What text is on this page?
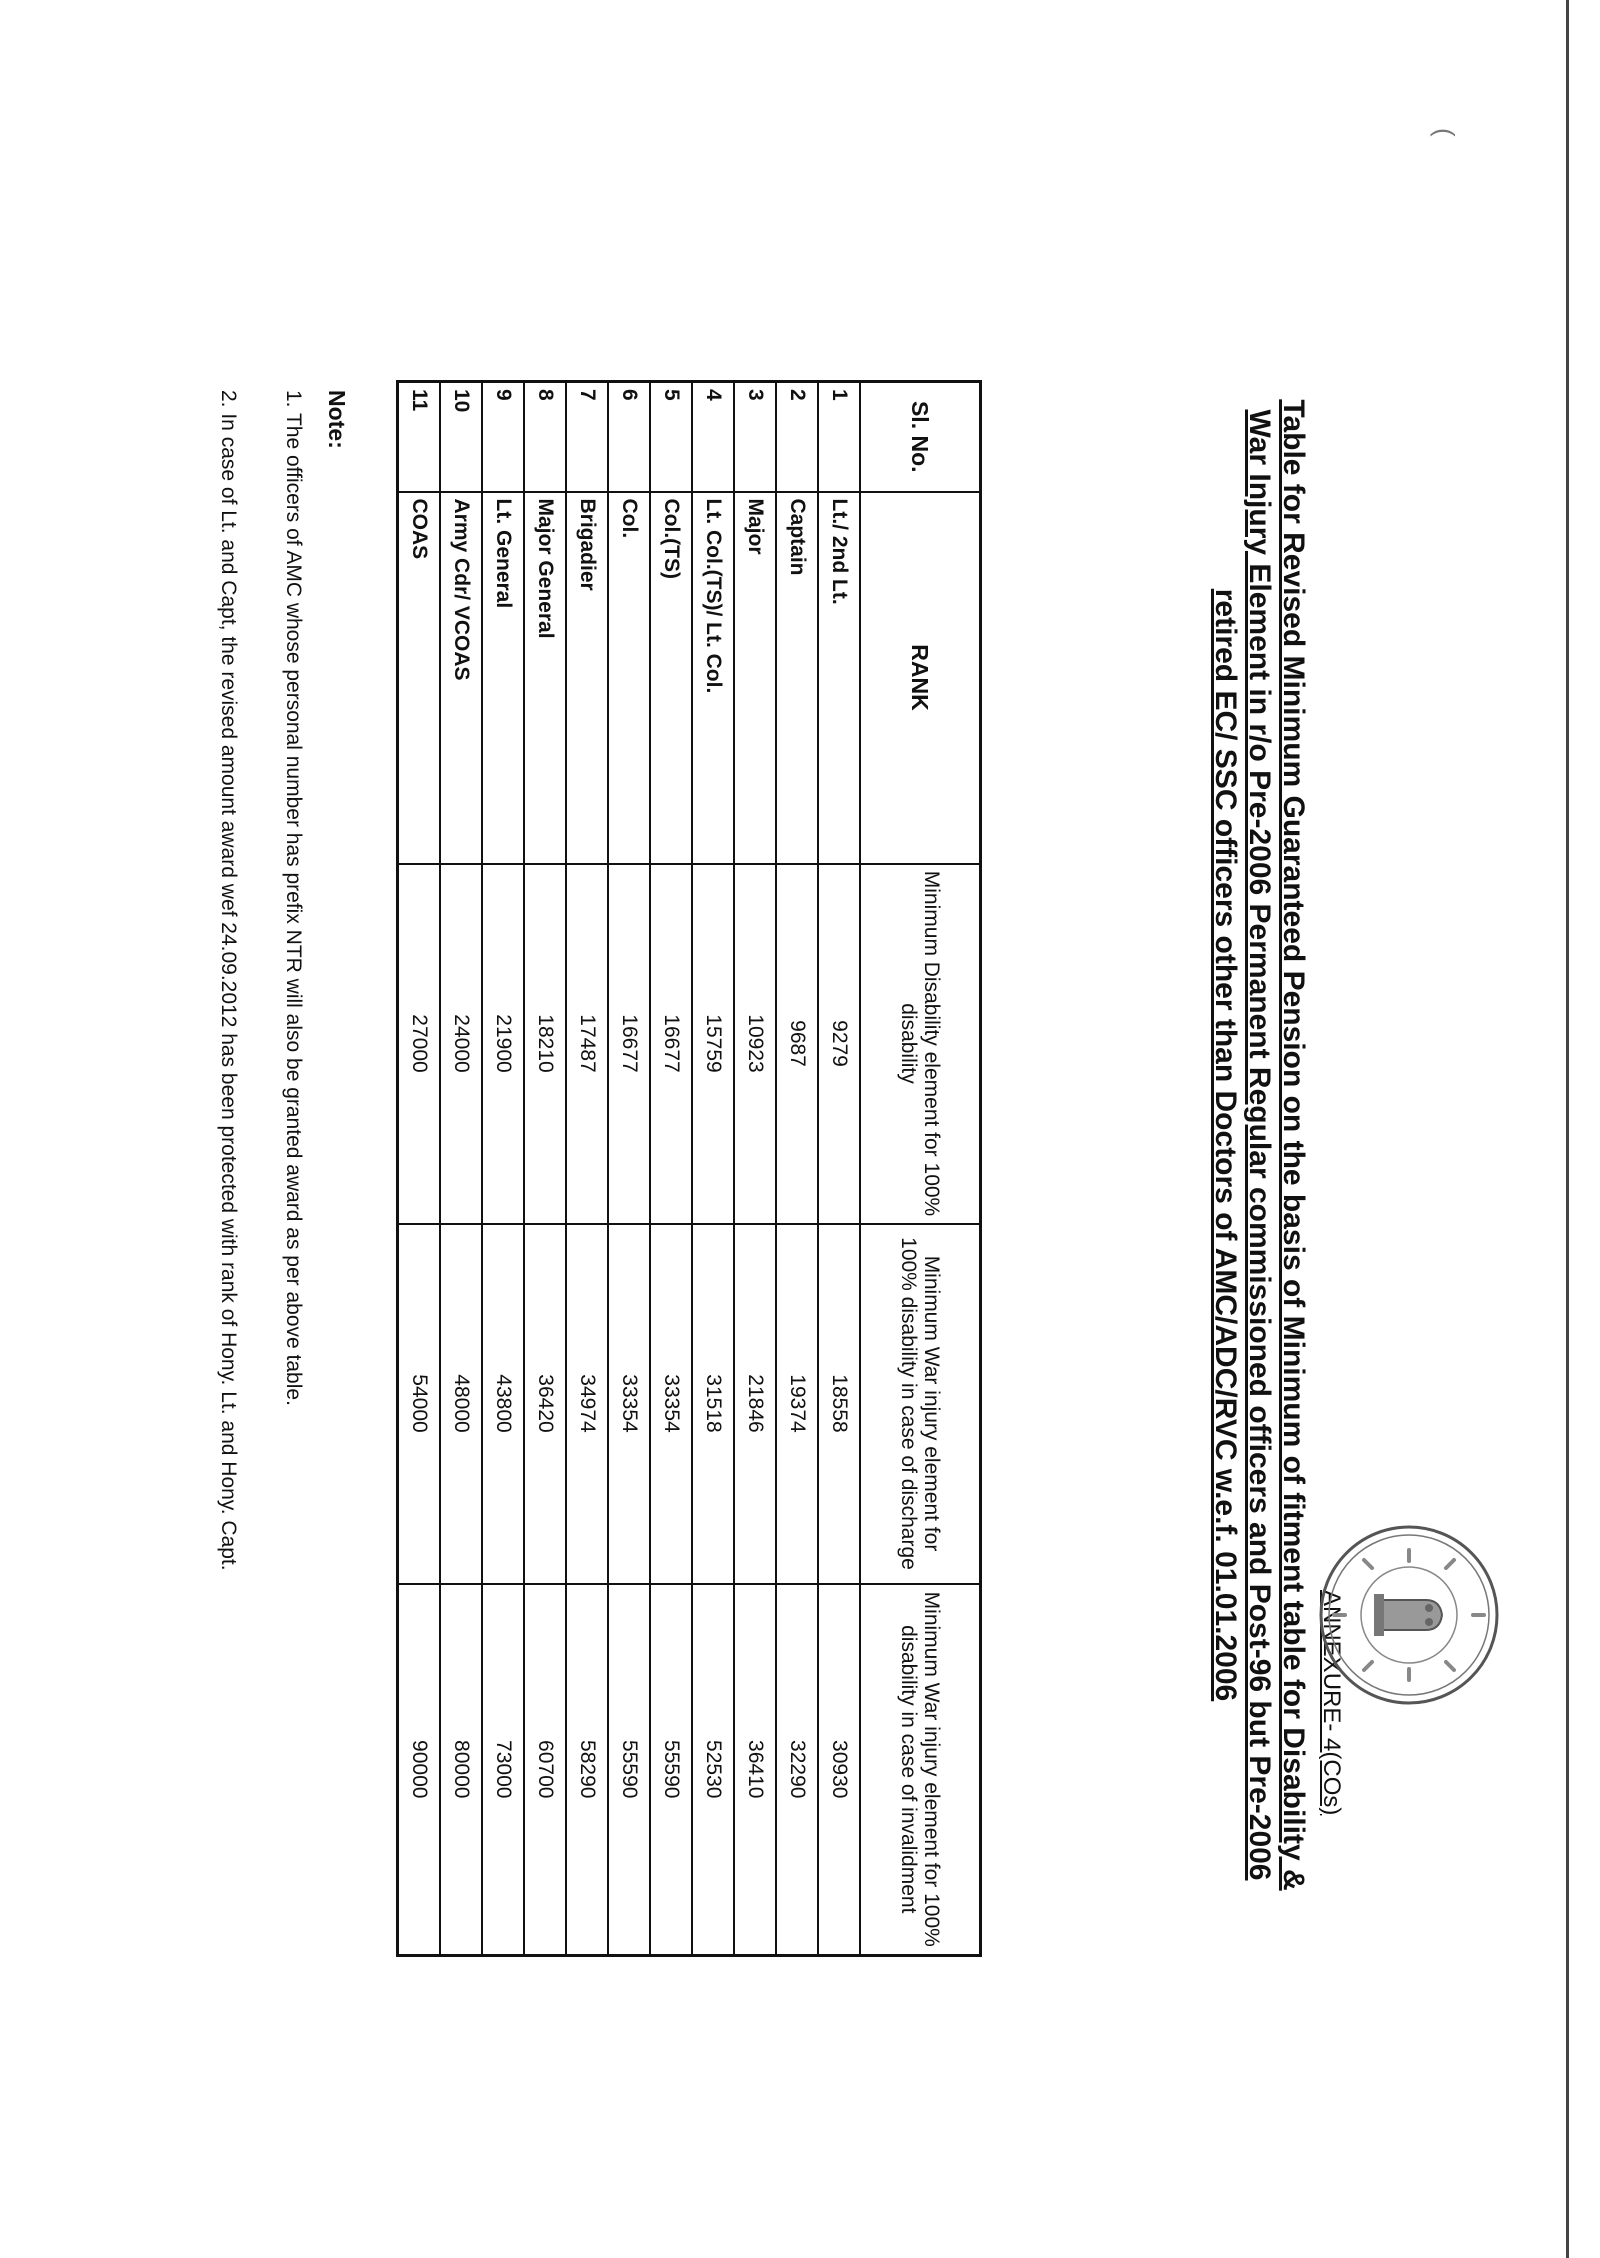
ANNEXURE- 4(COs)
Table for Revised Minimum Guaranteed Pension on the basis of Minimum of fitment table for Disability & War Injury Element in r/o Pre-2006 Permanent Regular commissioned officers and Post-96 but Pre-2006 retired EC/ SSC officers other than Doctors of AMC/ADC/RVC w.e.f. 01.01.2006
Sl. No.	RANK	Minimum Disability element for 100% disability	Minimum War injury element for 100% disability in case of discharge	Minimum War injury element for 100% disability in case of invalidment
1	Lt./ 2nd Lt.	9279	18558	30930
2	Captain	9687	19374	32290
3	Major	10923	21846	36410
4	Lt. Col.(TS)/ Lt. Col.	15759	31518	52530
5	Col.(TS)	16677	33354	55590
6	Col.	16677	33354	55590
7	Brigadier	17487	34974	58290
8	Major General	18210	36420	60700
9	Lt. General	21900	43800	73000
10	Army Cdr/ VCOAS	24000	48000	80000
11	COAS	27000	54000	90000
Note:
1. The officers of AMC whose personal number has prefix NTR will also be granted award as per above table.
2. In case of Lt. and Capt, the revised amount award wef 24.09.2012 has been protected with rank of Hony. Lt. and Hony. Capt.
(
